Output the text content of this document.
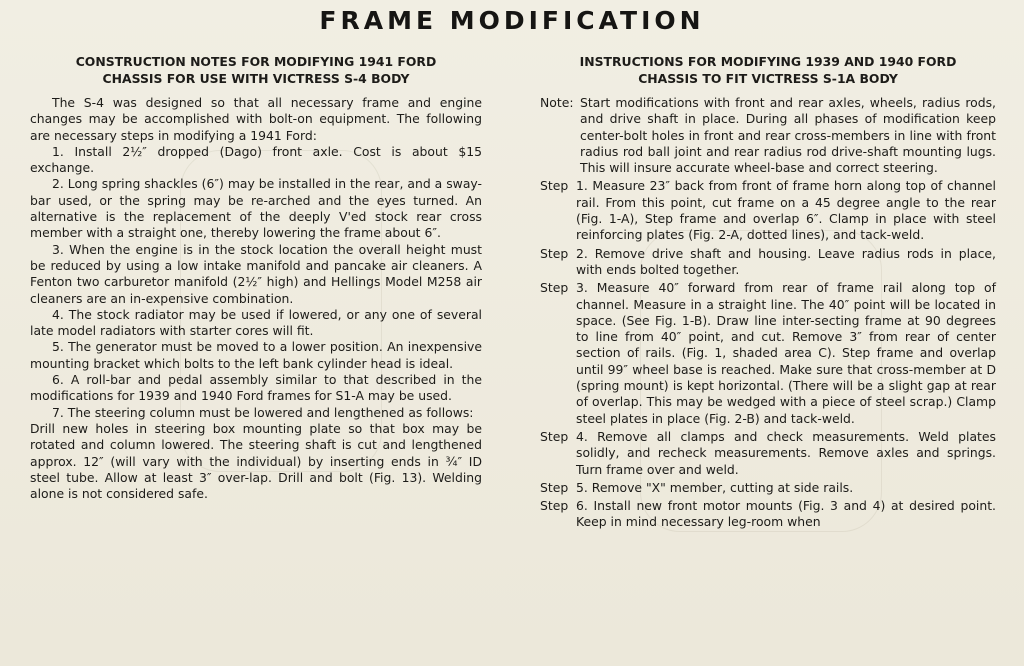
FRAME MODIFICATION
CONSTRUCTION NOTES FOR MODIFYING 1941 FORD
CHASSIS FOR USE WITH VICTRESS S-4 BODY

The S-4 was designed so that all necessary frame and engine changes may be accomplished with bolt-on equipment. The following are necessary steps in modifying a 1941 Ford:

1. Install 2½″ dropped (Dago) front axle. Cost is about $15 exchange.

2. Long spring shackles (6″) may be installed in the rear, and a sway-bar used, or the spring may be re-arched and the eyes turned. An alternative is the replacement of the deeply V'ed stock rear cross member with a straight one, thereby lowering the frame about 6″.

3. When the engine is in the stock location the overall height must be reduced by using a low intake manifold and pancake air cleaners. A Fenton two carburetor manifold (2½″ high) and Hellings Model M258 air cleaners are an in-expensive combination.

4. The stock radiator may be used if lowered, or any one of several late model radiators with starter cores will fit.

5. The generator must be moved to a lower position. An inexpensive mounting bracket which bolts to the left bank cylinder head is ideal.

6. A roll-bar and pedal assembly similar to that described in the modifications for 1939 and 1940 Ford frames for S1-A may be used.

7. The steering column must be lowered and lengthened as follows:

Drill new holes in steering box mounting plate so that box may be rotated and column lowered. The steering shaft is cut and lengthened approx. 12″ (will vary with the individual) by inserting ends in ¾″ ID steel tube. Allow at least 3″ over-lap. Drill and bolt (Fig. 13). Welding alone is not considered safe.

INSTRUCTIONS FOR MODIFYING 1939 AND 1940 FORD
CHASSIS TO FIT VICTRESS S-1A BODY
Note: Start modifications with front and rear axles, wheels, radius rods, and drive shaft in place. During all phases of modification keep center-bolt holes in front and rear cross-members in line with front radius rod ball joint and rear radius rod drive-shaft mounting lugs. This will insure accurate wheel-base and correct steering.
Step 1. Measure 23″ back from front of frame horn along top of channel rail. From this point, cut frame on a 45 degree angle to the rear (Fig. 1-A), Step frame and overlap 6″. Clamp in place with steel reinforcing plates (Fig. 2-A, dotted lines), and tack-weld.
Step 2. Remove drive shaft and housing. Leave radius rods in place, with ends bolted together.
Step 3. Measure 40″ forward from rear of frame rail along top of channel. Measure in a straight line. The 40″ point will be located in space. (See Fig. 1-B). Draw line inter-secting frame at 90 degrees to line from 40″ point, and cut. Remove 3″ from rear of center section of rails. (Fig. 1, shaded area C). Step frame and overlap until 99″ wheel base is reached. Make sure that cross-member at D (spring mount) is kept horizontal. (There will be a slight gap at rear of overlap. This may be wedged with a piece of steel scrap.) Clamp steel plates in place (Fig. 2-B) and tack-weld.
Step 4. Remove all clamps and check measurements. Weld plates solidly, and recheck measurements. Remove axles and springs. Turn frame over and weld.
Step 5. Remove "X" member, cutting at side rails.
Step 6. Install new front motor mounts (Fig. 3 and 4) at desired point. Keep in mind necessary leg-room when
